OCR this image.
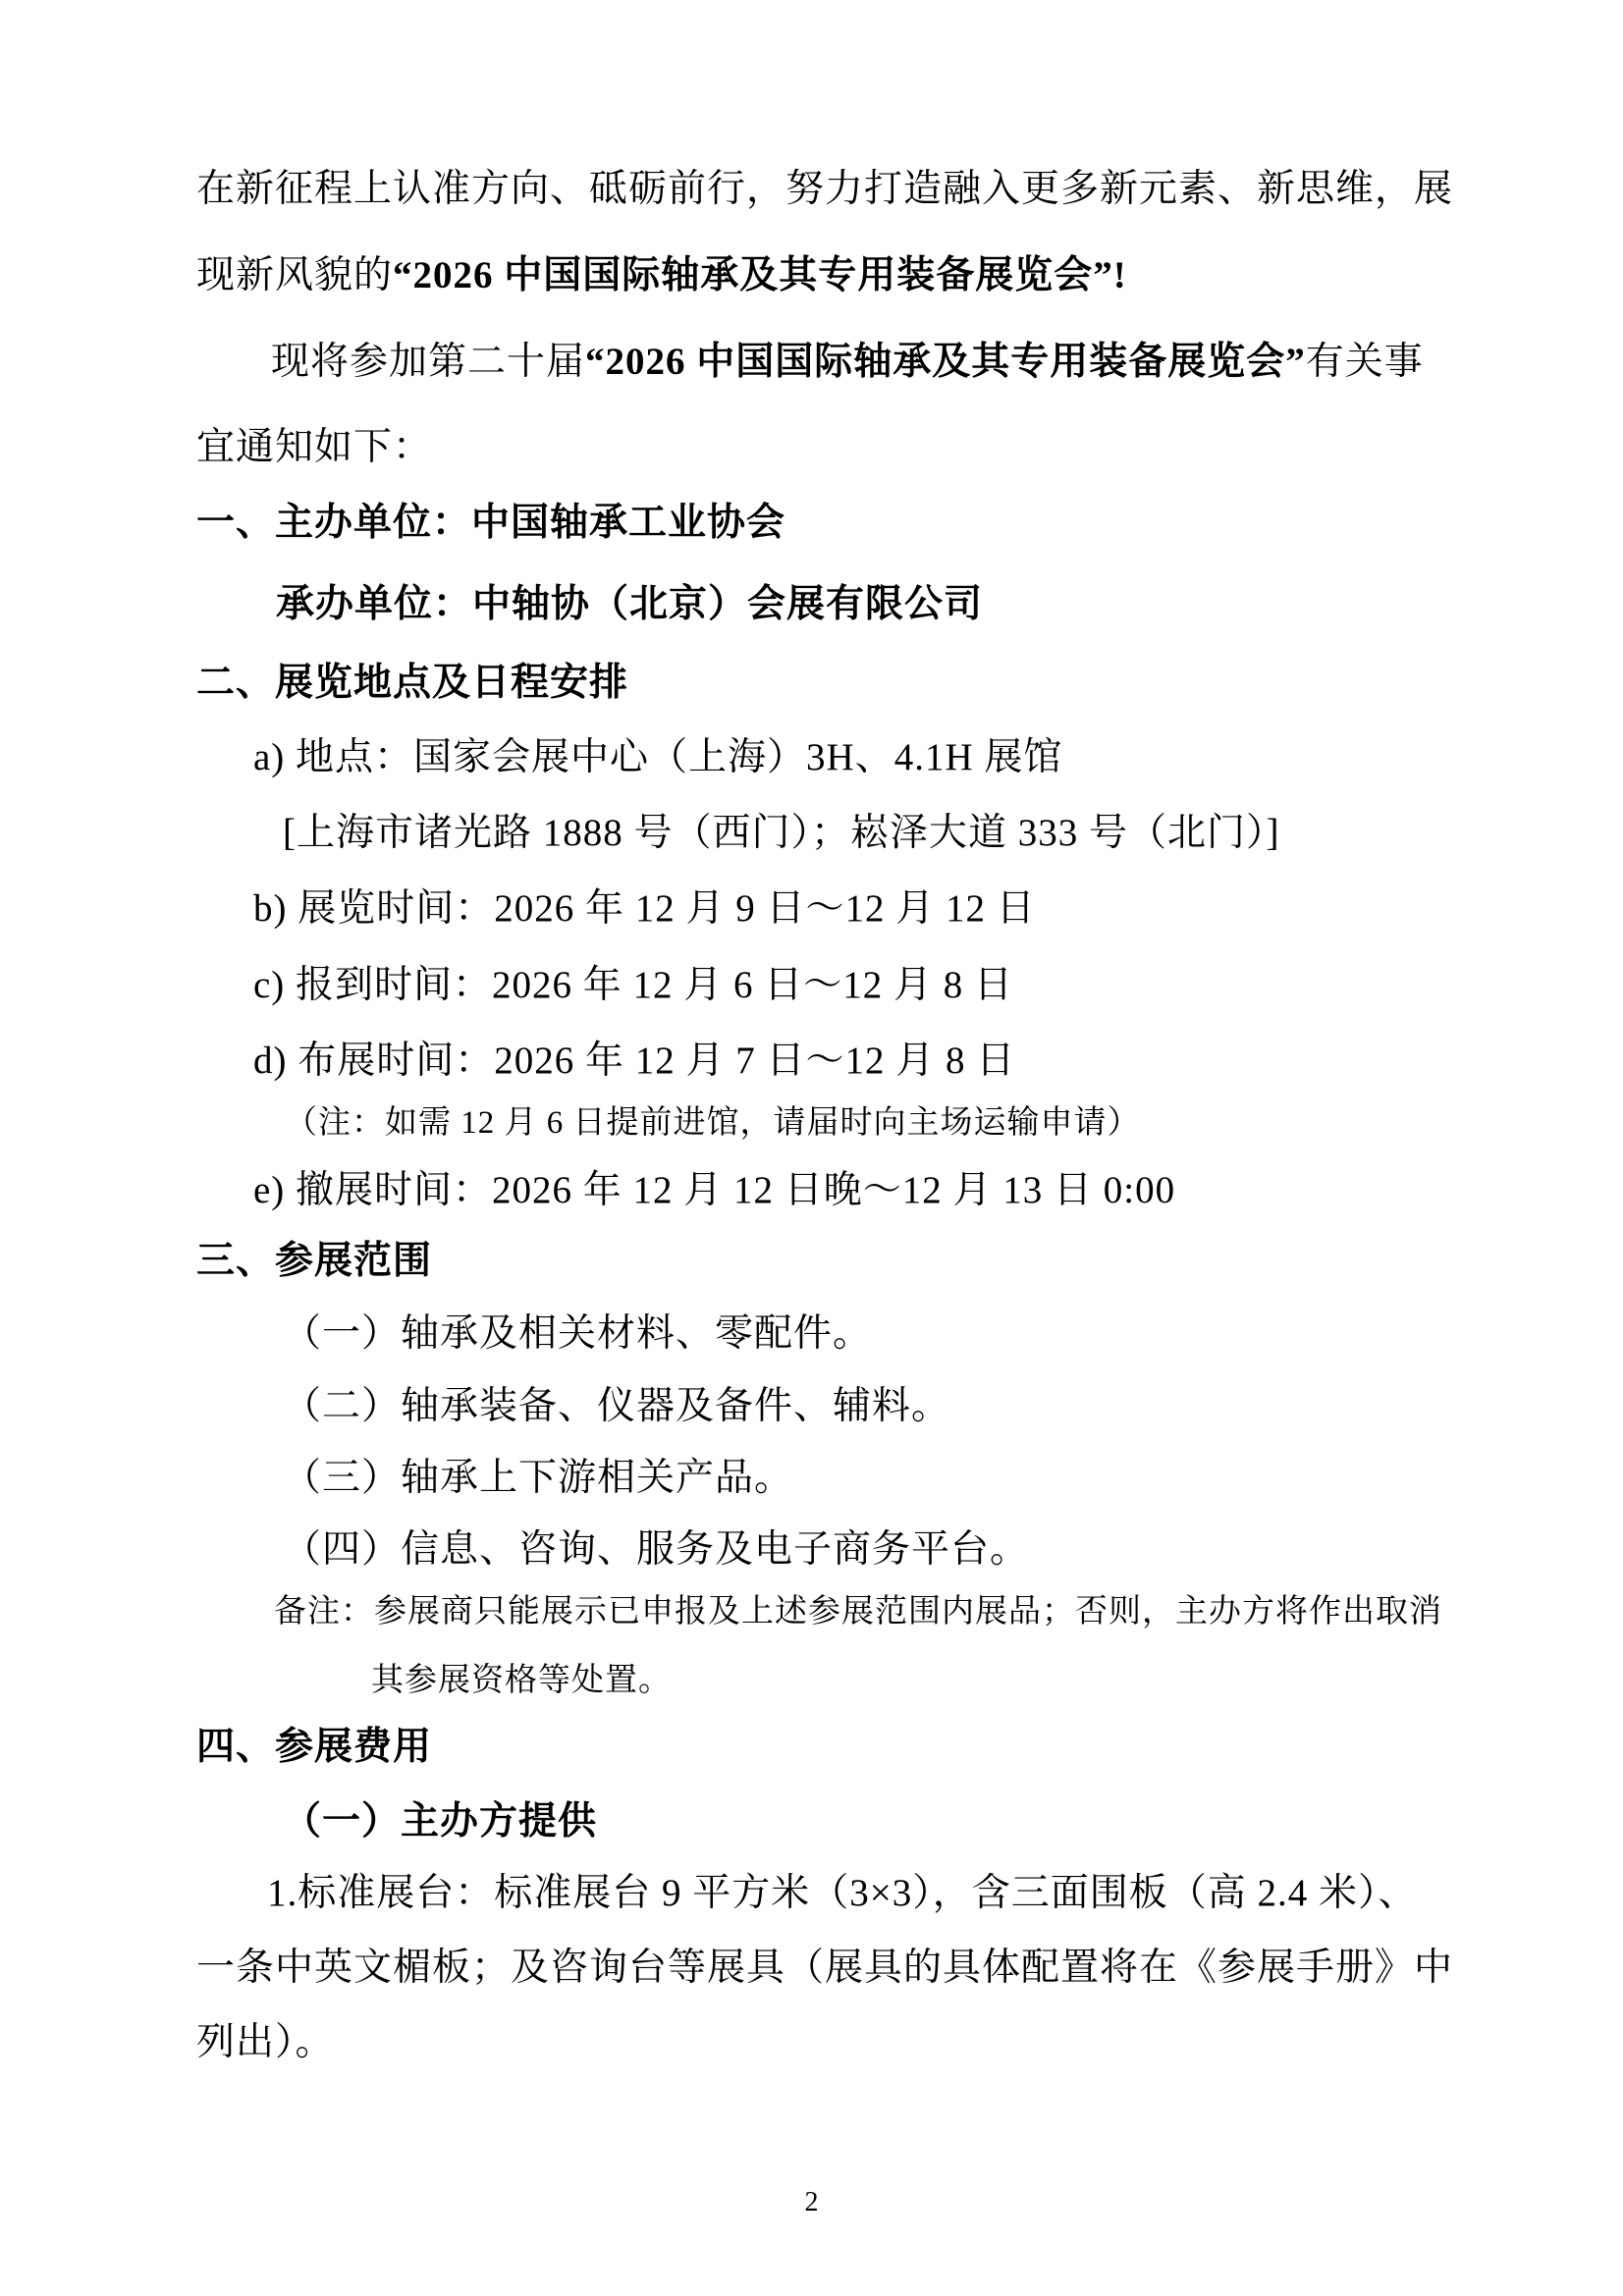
在新征程上认准方向、砥砺前行，努力打造融入更多新元素、新思维，展
现新风貌的“2026 中国国际轴承及其专用装备展览会”!
现将参加第二十届“2026 中国国际轴承及其专用装备展览会”有关事
宜通知如下：
一、主办单位：中国轴承工业协会
承办单位：中轴协（北京）会展有限公司
二、展览地点及日程安排
a) 地点：国家会展中心（上海）3H、4.1H 展馆
[上海市诸光路 1888 号（西门）；崧泽大道 333 号（北门）]
b) 展览时间：2026 年 12 月 9 日～12 月 12 日
c) 报到时间：2026 年 12 月 6 日～12 月 8 日
d) 布展时间：2026 年 12 月 7 日～12 月 8 日
（注：如需 12 月 6 日提前进馆，请届时向主场运输申请）
e) 撤展时间：2026 年 12 月 12 日晚～12 月 13 日 0:00
三、参展范围
（一）轴承及相关材料、零配件。
（二）轴承装备、仪器及备件、辅料。
（三）轴承上下游相关产品。
（四）信息、咨询、服务及电子商务平台。
备注：参展商只能展示已申报及上述参展范围内展品；否则，主办方将作出取消
其参展资格等处置。
四、参展费用
（一）主办方提供
1.标准展台：标准展台 9 平方米（3×3），含三面围板（高 2.4 米）、
一条中英文楣板；及咨询台等展具（展具的具体配置将在《参展手册》中
列出）。
2
